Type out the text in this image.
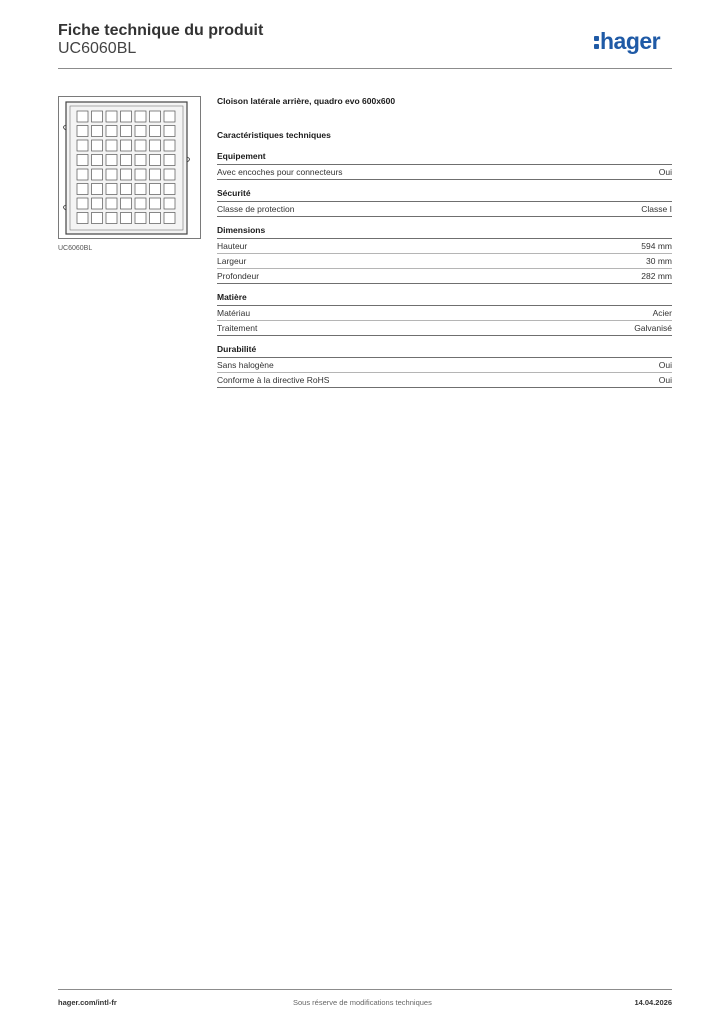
Fiche technique du produit
UC6060BL	hager
UC6060BL
Cloison latérale arrière, quadro evo 600x600
Caractéristiques techniques
Equipement
Avec encoches pour connecteurs	Oui
Sécurité
Classe de protection	Classe I
Dimensions
Hauteur	594 mm
Largeur	30 mm
Profondeur	282 mm
Matière
Matériau	Acier
Traitement	Galvanisé
Durabilité
Sans halogène	Oui
Conforme à la directive RoHS	Oui
hager.com/intl-fr	Sous réserve de modifications techniques	14.04.2026
